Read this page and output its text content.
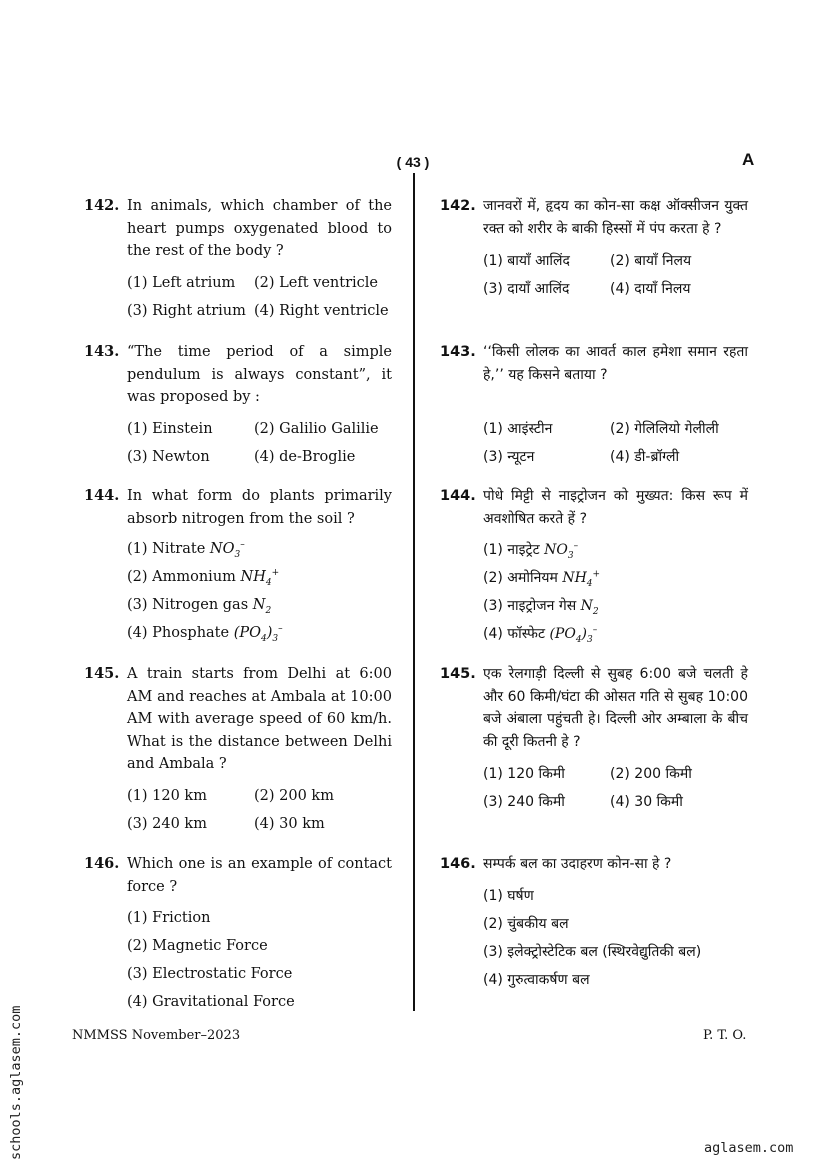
( 43 )	A
142. In animals, which chamber of the heart pumps oxygenated blood to the rest of the body ?
(1) Left atrium	(2) Left ventricle
(3) Right atrium (4) Right ventricle
143. “The time period of a simple pendulum is always constant”, it was proposed by :
(1) Einstein	(2) Galilio Galilie
(3) Newton	(4) de-Broglie
144. In what form do plants primarily absorb nitrogen from the soil ?
(1) Nitrate $NO_3^-$
(2) Ammonium $NH_4^+$
(3) Nitrogen gas $N_2$
(4) Phosphate $(PO_4)_3^-$
145. A train starts from Delhi at 6:00 AM and reaches at Ambala at 10:00 AM with average speed of 60 km/h. What is the distance between Delhi and Ambala ?
(1) 120 km	(2) 200 km
(3) 240 km	(4) 30 km
146. Which one is an example of contact force ?
(1) Friction
(2) Magnetic Force
(3) Electrostatic Force
(4) Gravitational Force
142. जानवरों में, हृदय का कोन-सा कक्ष ऑक्सीजन युक्त रक्त को शरीर के बाकी हिस्सों में पंप करता हे ?
(1) बायाँ आलिंद	(2) बायाँ निलय
(3) दायाँ आलिंद	(4) दायाँ निलय
143. ‘‘किसी लोलक का आवर्त काल हमेशा समान रहता हे,’’ यह किसने बताया ?
(1) आइंस्टीन	(2) गेलिलियो गेलीली
(3) न्यूटन	(4) डी-ब्रॉग्ली
144. पोधे मिट्टी से नाइट्रोजन को मुख्यत: किस रूप में अवशोषित करते हें ?
(1) नाइट्रेट $NO_3^-$
(2) अमोनियम $NH_4^+$
(3) नाइट्रोजन गेस $N_2$
(4) फॉस्फेट $(PO_4)_3^-$
145. एक रेलगाड़ी दिल्ली से सुबह 6:00 बजे चलती हे और 60 किमी/घंटा की ओसत गति से सुबह 10:00 बजे अंबाला पहुंचती हे। दिल्ली ओर अम्बाला के बीच की दूरी कितनी हे ?
(1) 120 किमी	(2) 200 किमी
(3) 240 किमी	(4) 30 किमी
146. सम्पर्क बल का उदाहरण कोन-सा हे ?
(1) घर्षण
(2) चुंबकीय बल
(3) इलेक्ट्रोस्टेटिक बल (स्थिरवेद्युतिकी बल)
(4) गुरुत्वाकर्षण बल
NMMSS November–2023	P. T. O.
schools.aglasem.com	aglasem.com
